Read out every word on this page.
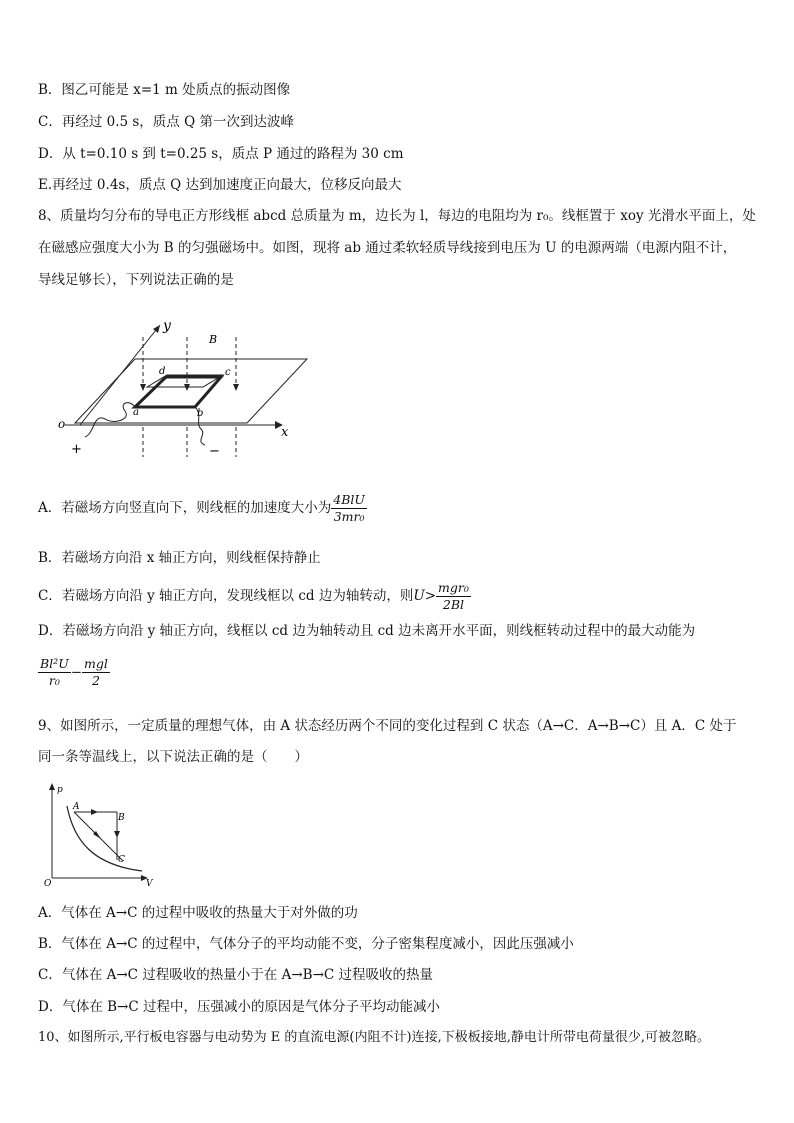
B．图乙可能是 x=1 m 处质点的振动图像
C．再经过 0.5 s，质点 Q 第一次到达波峰
D．从 t=0.10 s 到 t=0.25 s，质点 P 通过的路程为 30 cm
E.再经过 0.4s，质点 Q 达到加速度正向最大，位移反向最大
8、质量均匀分布的导电正方形线框 abcd 总质量为 m，边长为 l，每边的电阻均为 r₀。线框置于 xoy 光滑水平面上，处
在磁感应强度大小为 B 的匀强磁场中。如图，现将 ab 通过柔软轻质导线接到电压为 U 的电源两端（电源内阻不计，
导线足够长），下列说法正确的是
y
x
o
B
a	b
c
d
+	−
A．若磁场方向竖直向下，则线框的加速度大小为 $\frac{\text{4BlU}}{\text{3mr₀}}$
B．若磁场方向沿 x 轴正方向，则线框保持静止
C．若磁场方向沿 y 轴正方向，发现线框以 cd 边为轴转动，则$U> \frac{\text{mgr₀}}{2Bl}$
D．若磁场方向沿 y 轴正方向，线框以 cd 边为轴转动且 cd 边未离开水平面，则线框转动过程中的最大动能为
$\frac{\text{Bl²U}}{\text{r₀}} - \frac{\text{mgl}}{2}$
9、如图所示，一定质量的理想气体，由 A 状态经历两个不同的变化过程到 C 状态（A→C．A→B→C）且 A．C 处于
同一条等温线上，以下说法正确的是（　　）
p
V
O
A
B
C
A．气体在 A→C 的过程中吸收的热量大于对外做的功
B．气体在 A→C 的过程中，气体分子的平均动能不变，分子密集程度减小，因此压强减小
C．气体在 A→C 过程吸收的热量小于在 A→B→C 过程吸收的热量
D．气体在 B→C 过程中，压强减小的原因是气体分子平均动能减小
10、如图所示,平行板电容器与电动势为 E 的直流电源(内阻不计)连接,下极板接地,静电计所带电荷量很少,可被忽略。
